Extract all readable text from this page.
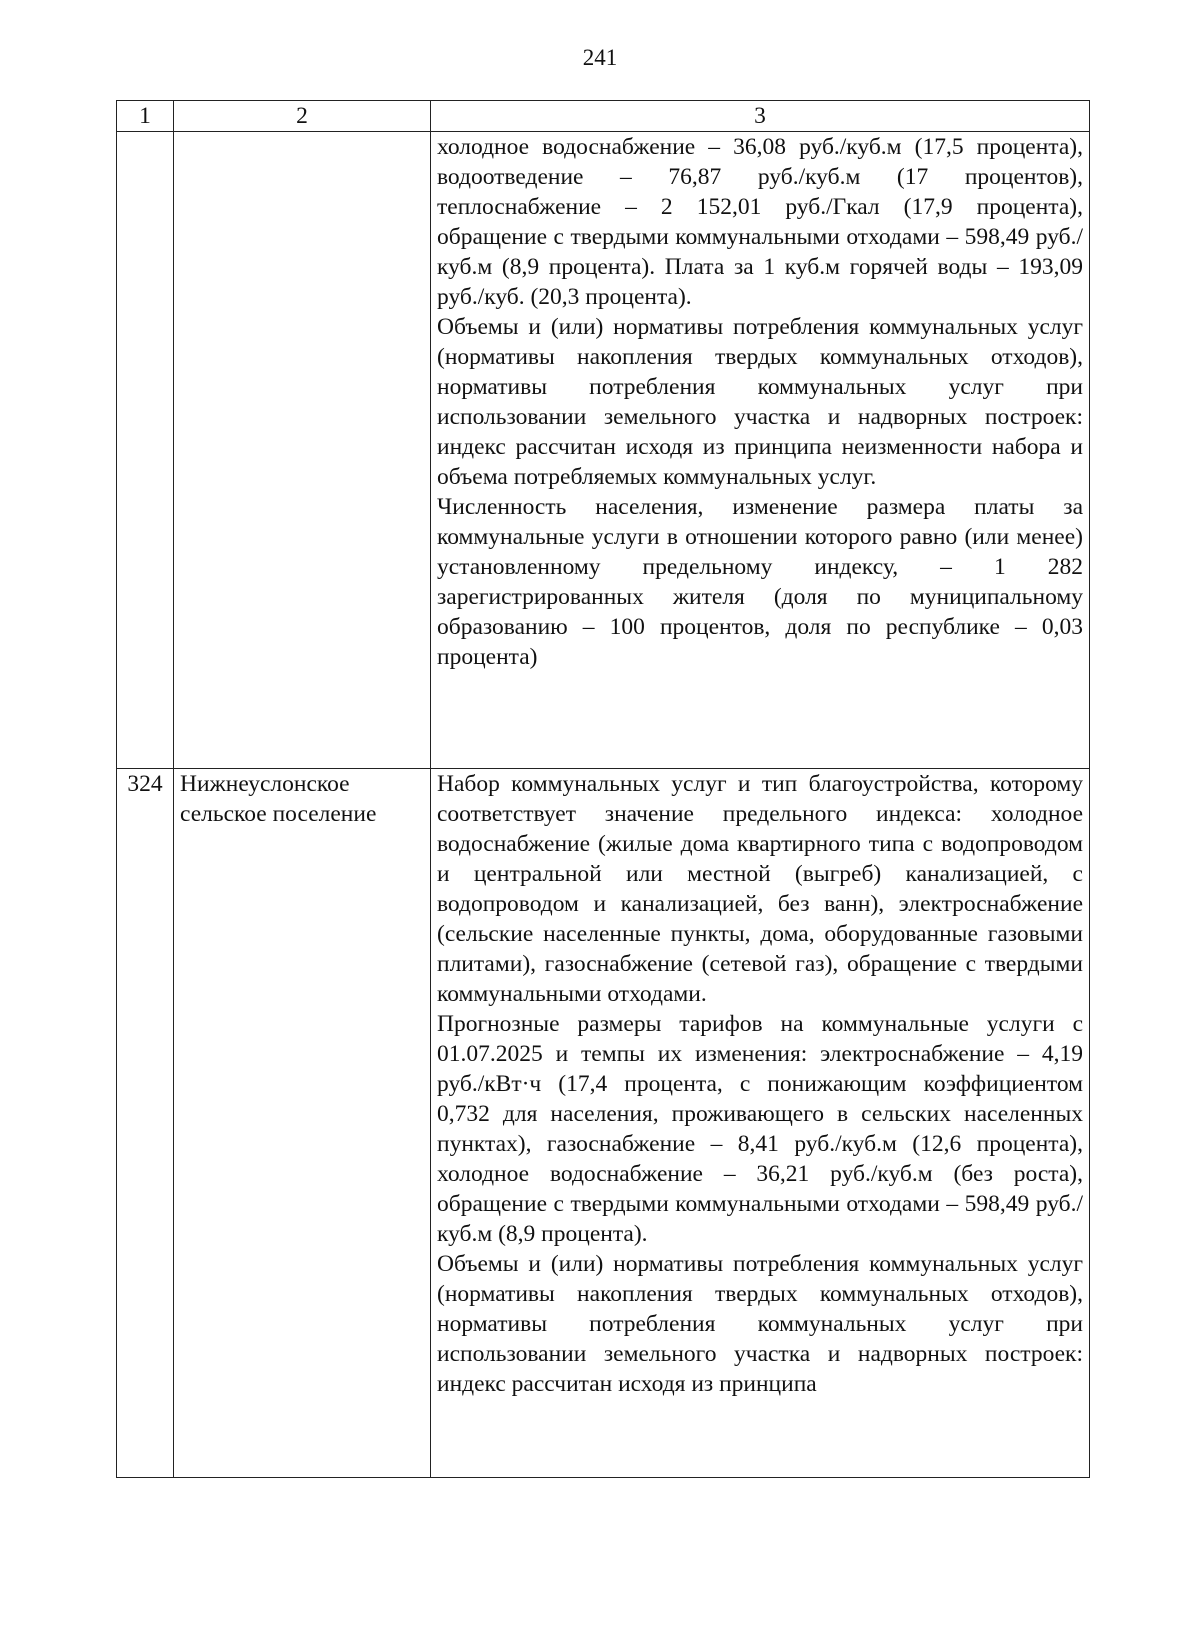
241
1	2	3

		холодное водоснабжение – 36,08 руб./куб.м (17,5 процента), водоотведение – 76,87 руб./куб.м (17 процентов), теплоснабжение – 2 152,01 руб./Гкал (17,9 процента), обращение с твердыми коммунальными отходами – 598,49 руб./куб.м (8,9 процента). Плата за 1 куб.м горячей воды – 193,09 руб./куб. (20,3 процента).

Объемы и (или) нормативы потребления коммунальных услуг (нормативы накопления твердых коммунальных отходов), нормативы потребления коммунальных услуг при использовании земельного участка и надворных построек: индекс рассчитан исходя из принципа неизменности набора и объема потребляемых коммунальных услуг.

Численность населения, изменение размера платы за коммунальные услуги в отношении которого равно (или менее) установленному предельному индексу, – 1 282 зарегистрированных жителя (доля по муниципальному образованию – 100 процентов, доля по республике – 0,03 процента)

324	Нижнеуслонское сельское поселение	Набор коммунальных услуг и тип благоустройства, которому соответствует значение предельного индекса: холодное водоснабжение (жилые дома квартирного типа с водопроводом и центральной или местной (выгреб) канализацией, с водопроводом и канализацией, без ванн), электроснабжение (сельские населенные пункты, дома, оборудованные газовыми плитами), газоснабжение (сетевой газ), обращение с твердыми коммунальными отходами.

Прогнозные размеры тарифов на коммунальные услуги с 01.07.2025 и темпы их изменения: электроснабжение – 4,19 руб./кВт·ч (17,4 процента, с понижающим коэффициентом 0,732 для населения, проживающего в сельских населенных пунктах), газоснабжение – 8,41 руб./куб.м (12,6 процента), холодное водоснабжение – 36,21 руб./куб.м (без роста), обращение с твердыми коммунальными отходами – 598,49 руб./куб.м (8,9 процента).

Объемы и (или) нормативы потребления коммунальных услуг (нормативы накопления твердых коммунальных отходов), нормативы потребления коммунальных услуг при использовании земельного участка и надворных построек: индекс рассчитан исходя из принципа
